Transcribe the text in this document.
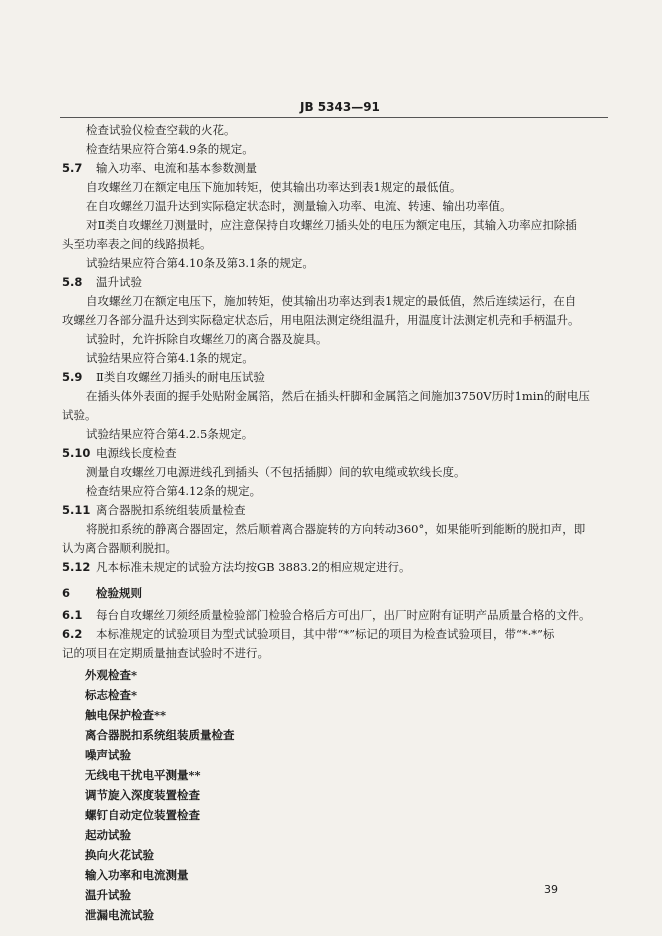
JB 5343—91
检查试验仪检查空载的火花。
检查结果应符合第4.9条的规定。
5.7 输入功率、电流和基本参数测量
自攻螺丝刀在额定电压下施加转矩，使其输出功率达到表1规定的最低值。
在自攻螺丝刀温升达到实际稳定状态时，测量输入功率、电流、转速、输出功率值。
对Ⅱ类自攻螺丝刀测量时，应注意保持自攻螺丝刀插头处的电压为额定电压，其输入功率应扣除插
头至功率表之间的线路损耗。
试验结果应符合第4.10条及第3.1条的规定。
5.8 温升试验
自攻螺丝刀在额定电压下，施加转矩，使其输出功率达到表1规定的最低值，然后连续运行，在自
攻螺丝刀各部分温升达到实际稳定状态后，用电阻法测定绕组温升，用温度计法测定机壳和手柄温升。
试验时，允许拆除自攻螺丝刀的离合器及旋具。
试验结果应符合第4.1条的规定。
5.9 Ⅱ类自攻螺丝刀插头的耐电压试验
在插头体外表面的握手处贴附金属箔，然后在插头杆脚和金属箔之间施加3750V历时1min的耐电压
试验。
试验结果应符合第4.2.5条规定。
5.10 电源线长度检查
测量自攻螺丝刀电源进线孔到插头（不包括插脚）间的软电缆或软线长度。
检查结果应符合第4.12条的规定。
5.11 离合器脱扣系统组装质量检查
将脱扣系统的静离合器固定，然后顺着离合器旋转的方向转动360°，如果能听到能断的脱扣声，即
认为离合器顺利脱扣。
5.12 凡本标准未规定的试验方法均按GB 3883.2的相应规定进行。
6 检验规则
6.1 每台自攻螺丝刀须经质量检验部门检验合格后方可出厂，出厂时应附有证明产品质量合格的文件。
6.2 本标准规定的试验项目为型式试验项目，其中带“*”标记的项目为检查试验项目，带“*·*”标
记的项目在定期质量抽查试验时不进行。
外观检查*
标志检查*
触电保护检查**
离合器脱扣系统组装质量检查
噪声试验
无线电干扰电平测量**
调节旋入深度装置检查
螺钉自动定位装置检查
起动试验
换向火花试验
输入功率和电流测量
温升试验
泄漏电流试验
39
